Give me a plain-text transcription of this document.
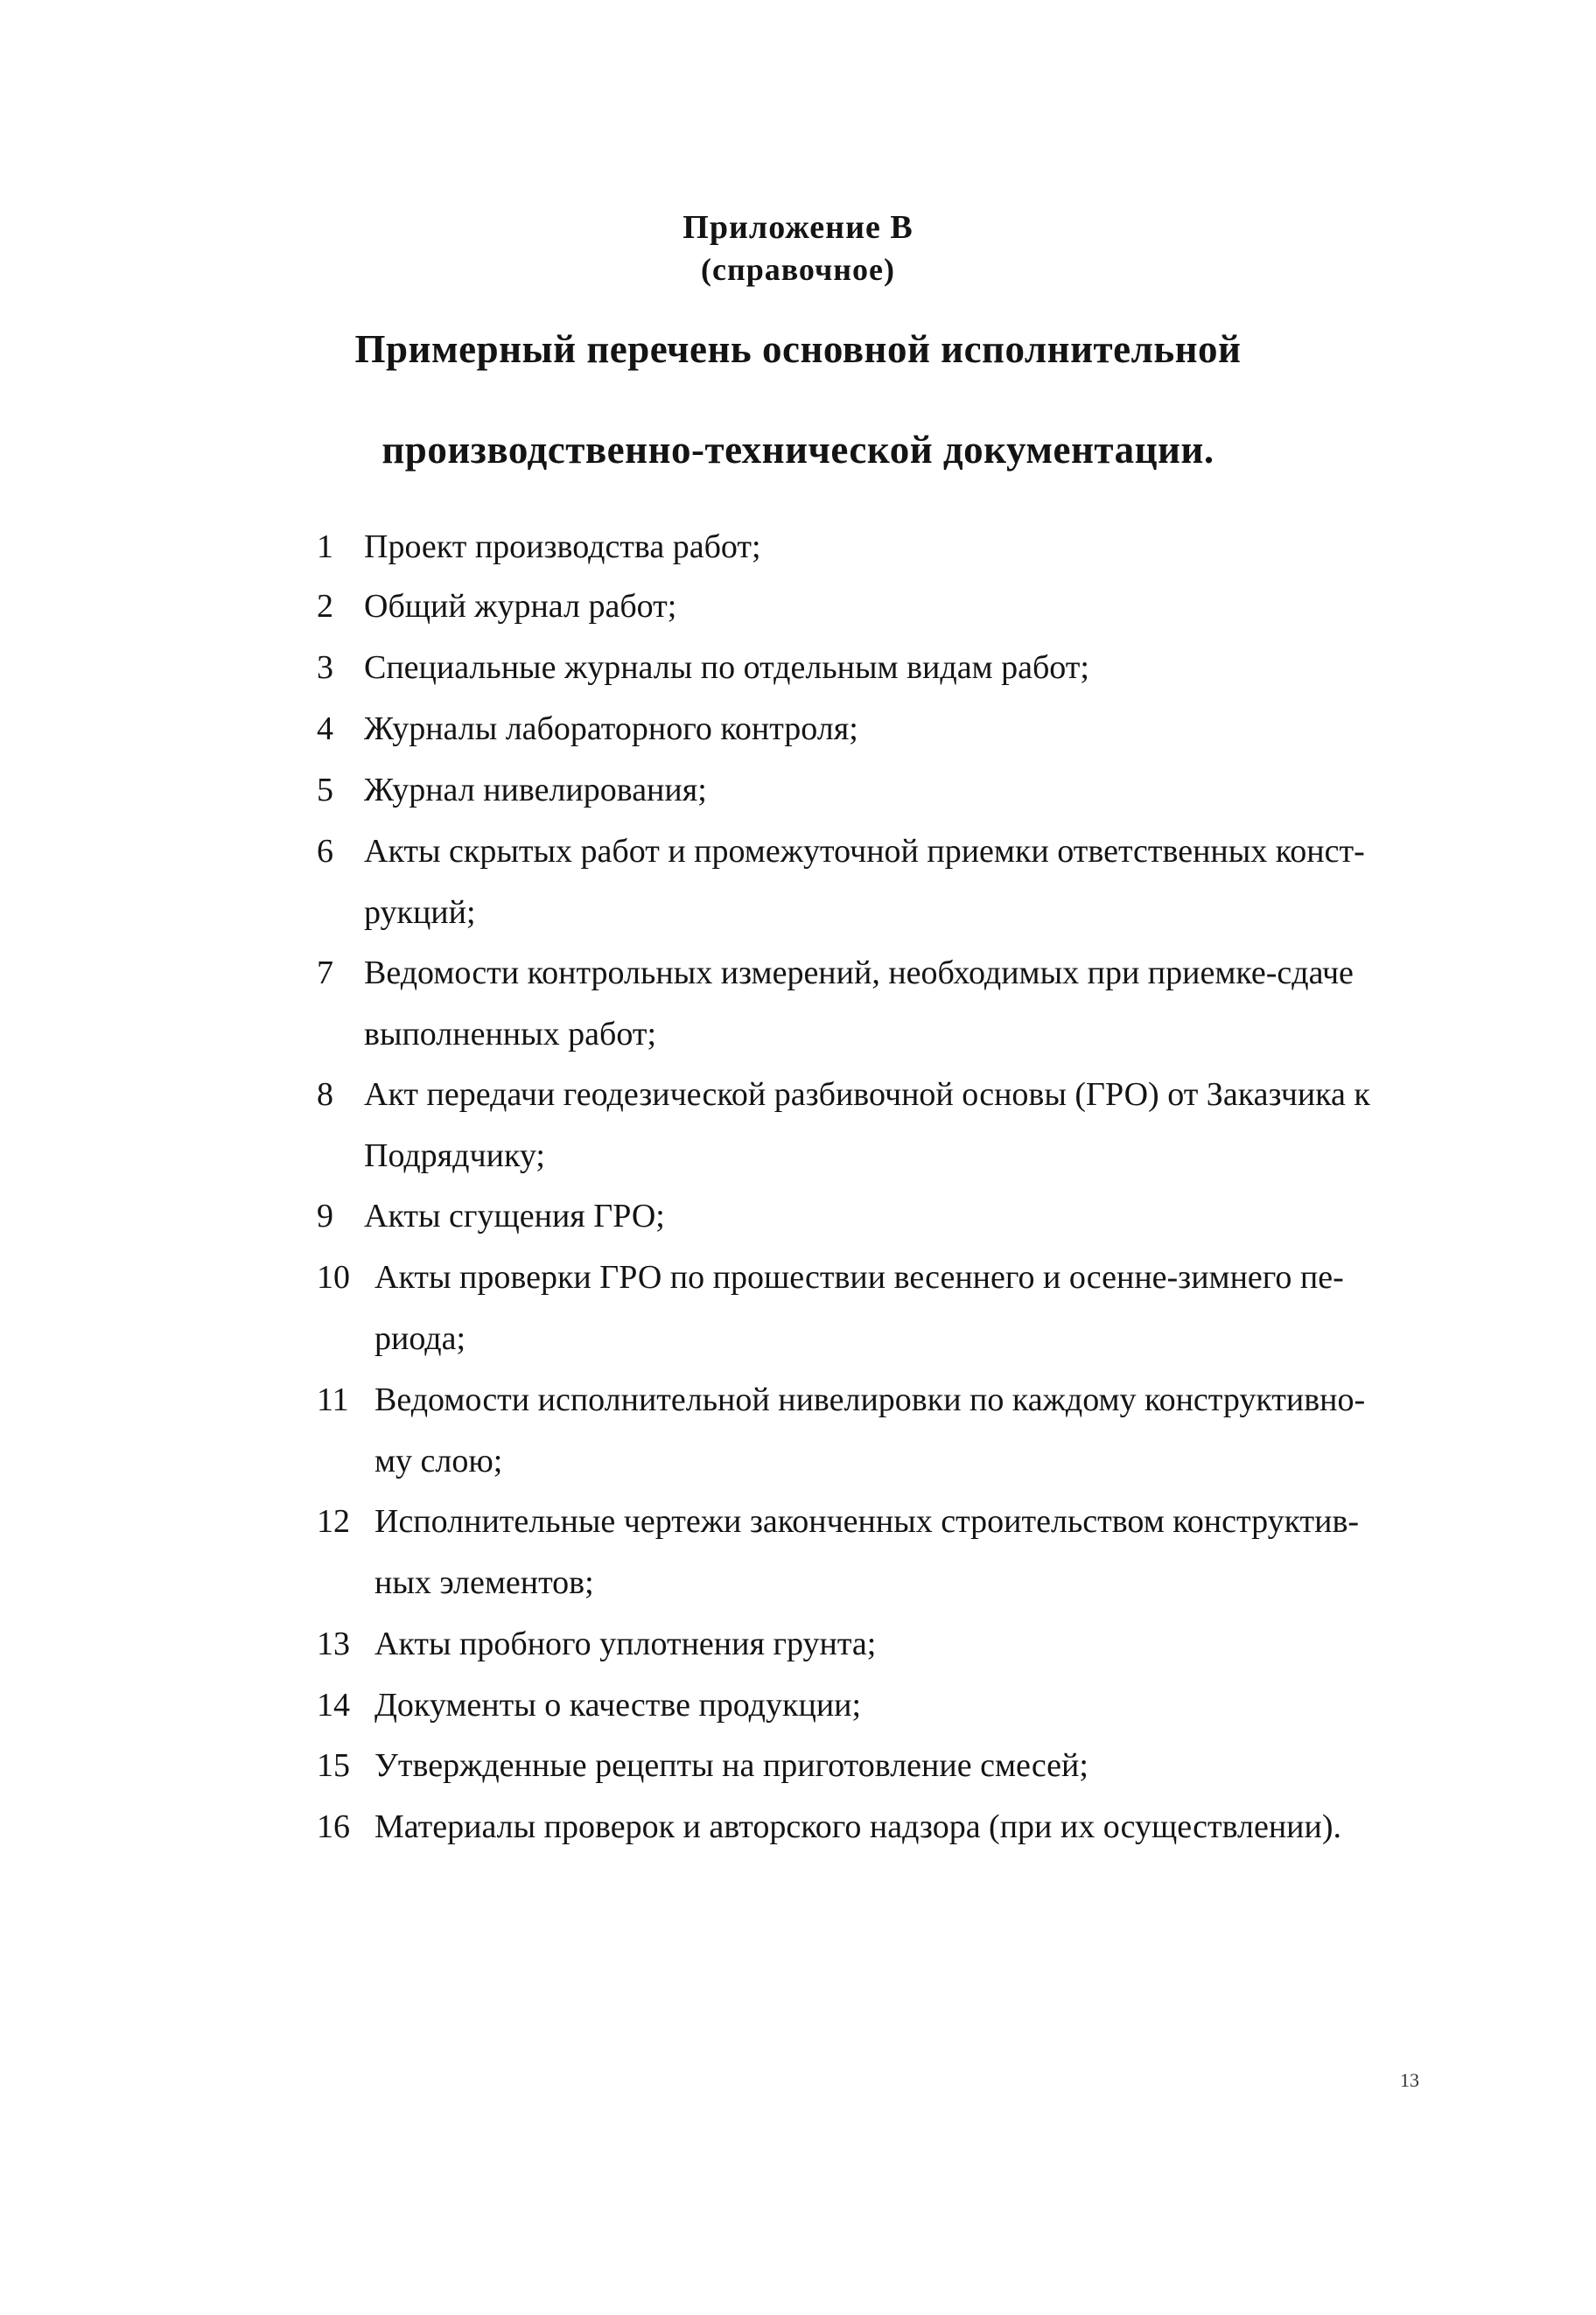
Приложение В
(справочное)
Примерный перечень основной исполнительной
производственно-технической документации.
1 Проект производства работ;
2 Общий журнал работ;
3 Специальные журналы по отдельным видам работ;
4 Журналы лабораторного контроля;
5 Журнал нивелирования;
6 Акты скрытых работ и промежуточной приемки ответственных конст-
рукций;
7 Ведомости контрольных измерений, необходимых при приемке-сдаче
выполненных работ;
8 Акт передачи геодезической разбивочной основы (ГРО) от Заказчика к
Подрядчику;
9 Акты сгущения ГРО;
10 Акты проверки ГРО по прошествии весеннего и осенне-зимнего пе-
риода;
11 Ведомости исполнительной нивелировки по каждому конструктивно-
му слою;
12 Исполнительные чертежи законченных строительством конструктив-
ных элементов;
13 Акты пробного уплотнения грунта;
14 Документы о качестве продукции;
15 Утвержденные рецепты на приготовление смесей;
16 Материалы проверок и авторского надзора (при их осуществлении).
13
